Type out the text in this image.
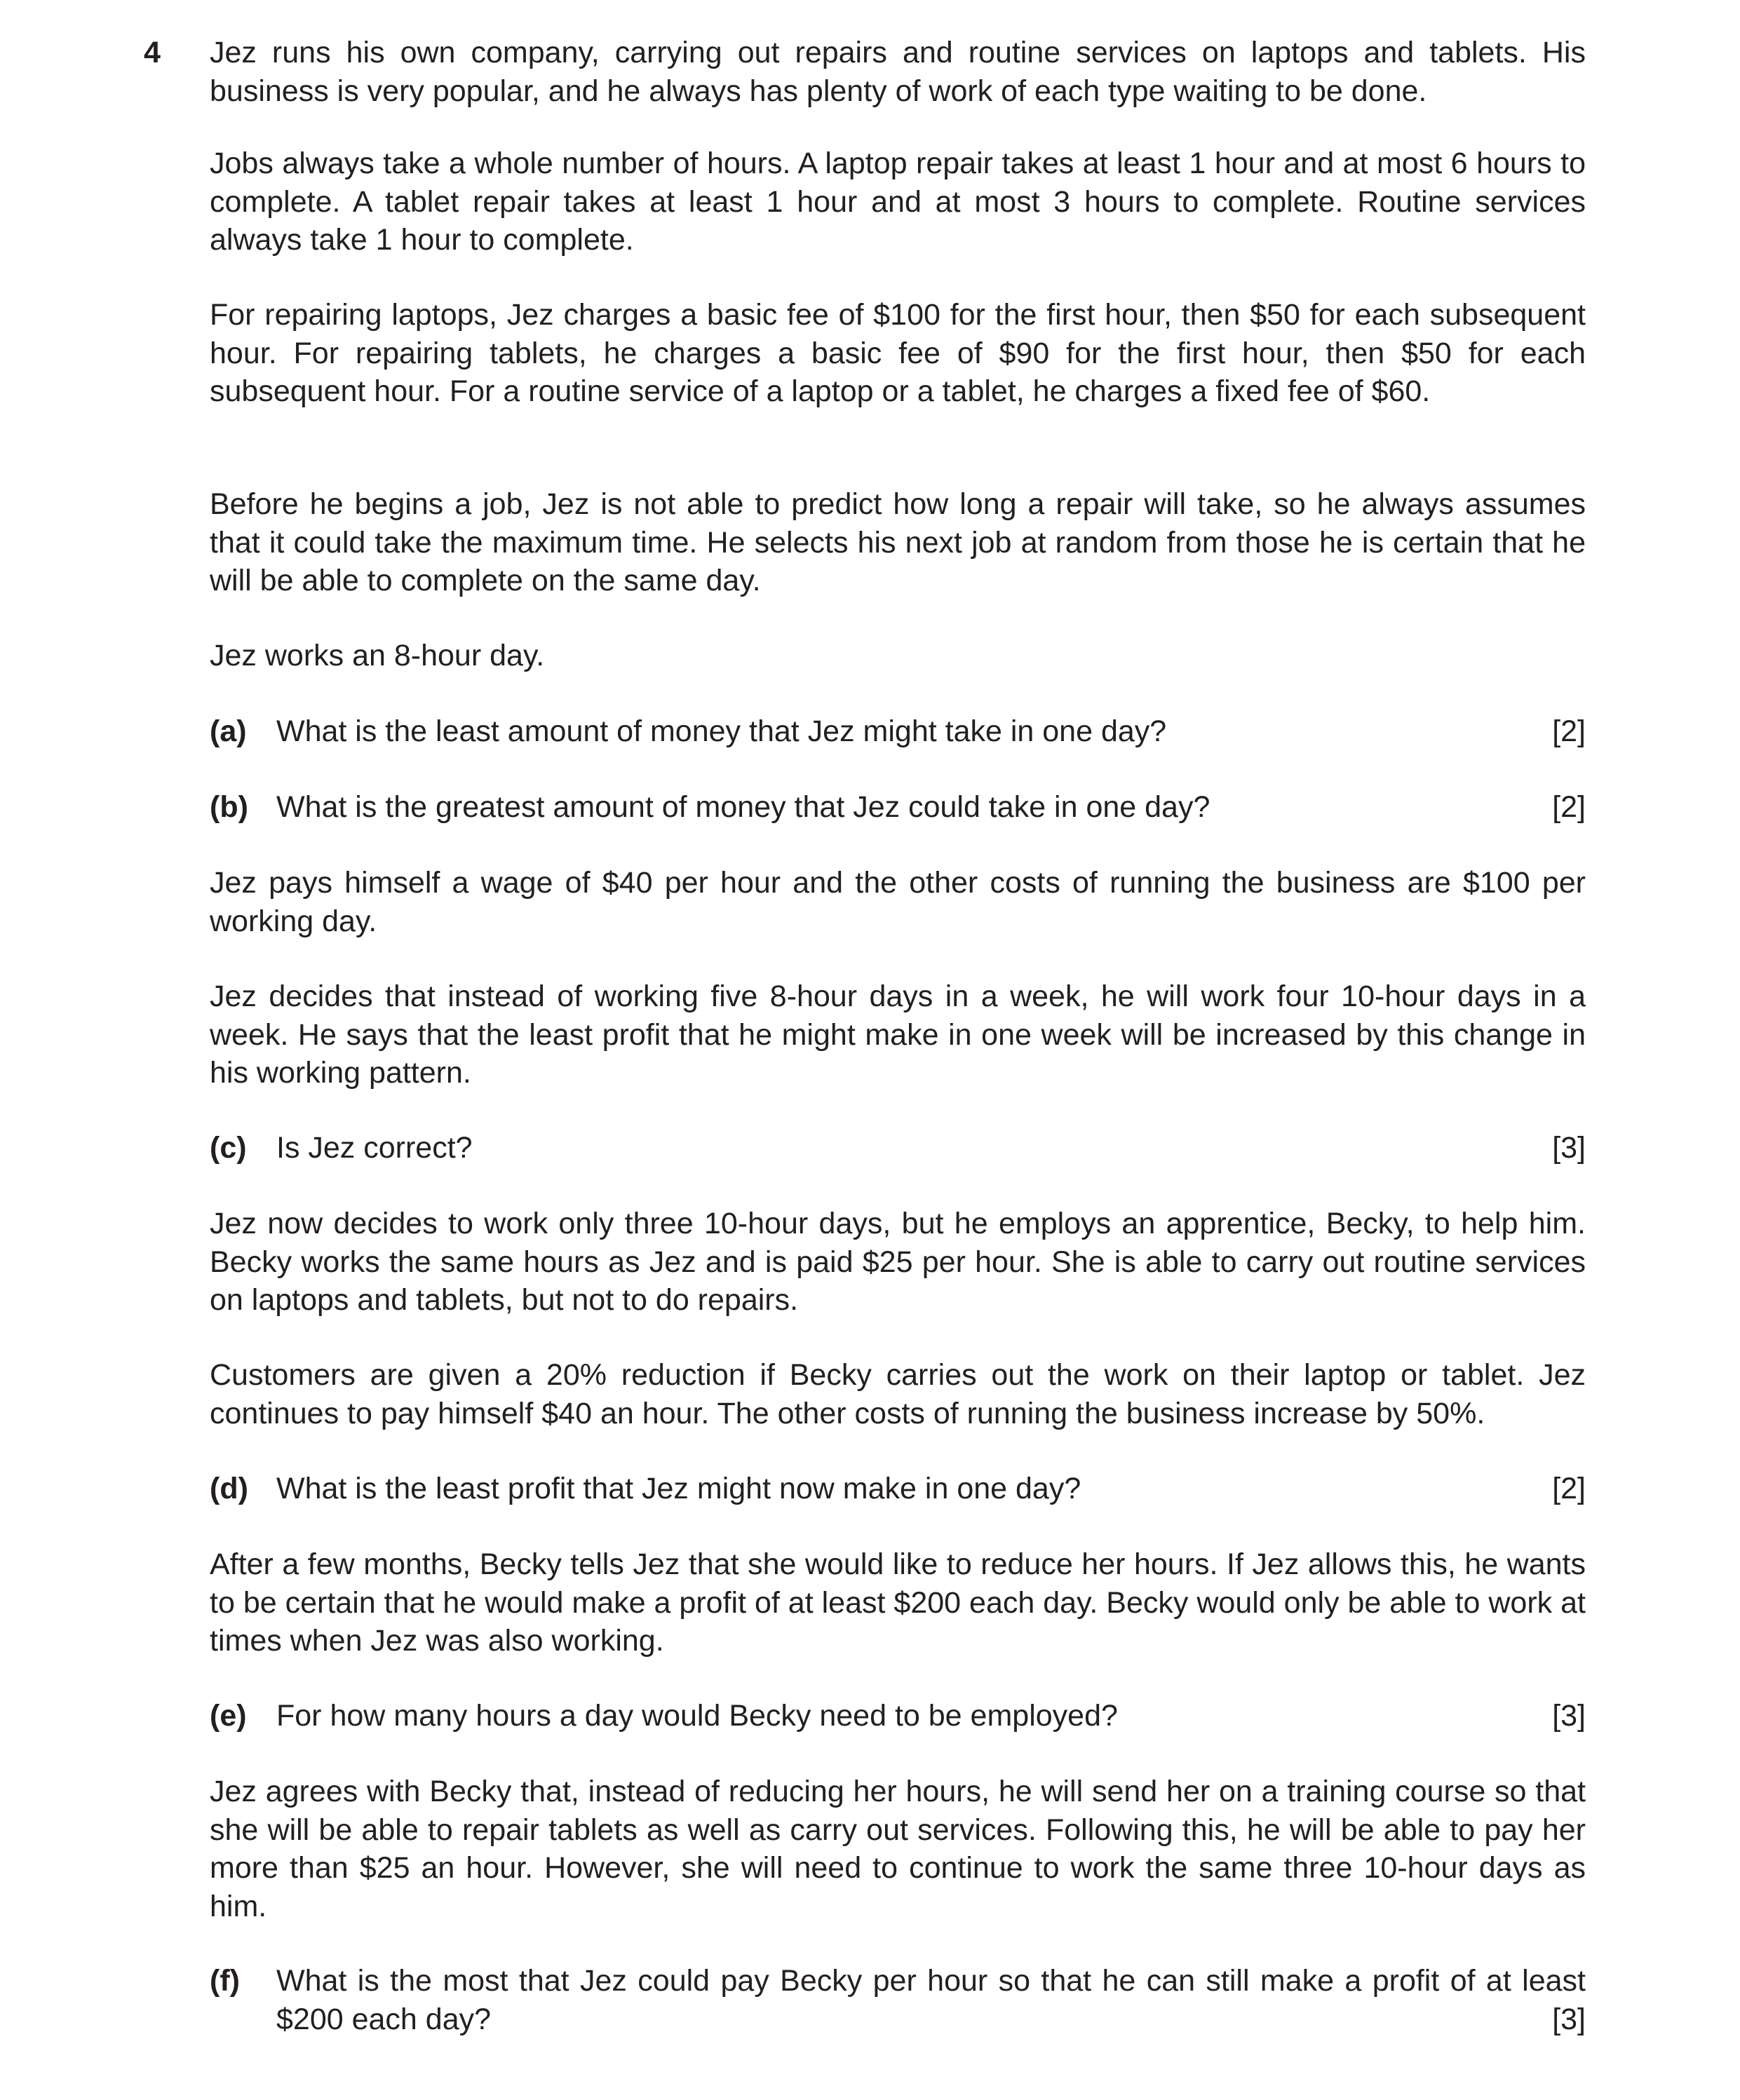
4 Jez runs his own company, carrying out repairs and routine services on laptops and tablets. His business is very popular, and he always has plenty of work of each type waiting to be done.

Jobs always take a whole number of hours. A laptop repair takes at least 1 hour and at most 6 hours to complete. A tablet repair takes at least 1 hour and at most 3 hours to complete. Routine services always take 1 hour to complete.

For repairing laptops, Jez charges a basic fee of $100 for the first hour, then $50 for each subsequent hour. For repairing tablets, he charges a basic fee of $90 for the first hour, then $50 for each subsequent hour. For a routine service of a laptop or a tablet, he charges a fixed fee of $60.

Before he begins a job, Jez is not able to predict how long a repair will take, so he always assumes that it could take the maximum time. He selects his next job at random from those he is certain that he will be able to complete on the same day.

Jez works an 8-hour day.

(a) What is the least amount of money that Jez might take in one day?	[2]
(b) What is the greatest amount of money that Jez could take in one day?	[2]

Jez pays himself a wage of $40 per hour and the other costs of running the business are $100 per working day.

Jez decides that instead of working five 8-hour days in a week, he will work four 10-hour days in a week. He says that the least profit that he might make in one week will be increased by this change in his working pattern.

(c) Is Jez correct?	[3]

Jez now decides to work only three 10-hour days, but he employs an apprentice, Becky, to help him. Becky works the same hours as Jez and is paid $25 per hour. She is able to carry out routine services on laptops and tablets, but not to do repairs.

Customers are given a 20% reduction if Becky carries out the work on their laptop or tablet. Jez continues to pay himself $40 an hour. The other costs of running the business increase by 50%.

(d) What is the least profit that Jez might now make in one day?	[2]

After a few months, Becky tells Jez that she would like to reduce her hours. If Jez allows this, he wants to be certain that he would make a profit of at least $200 each day. Becky would only be able to work at times when Jez was also working.

(e) For how many hours a day would Becky need to be employed?	[3]

Jez agrees with Becky that, instead of reducing her hours, he will send her on a training course so that she will be able to repair tablets as well as carry out services. Following this, he will be able to pay her more than $25 an hour. However, she will need to continue to work the same three 10-hour days as him.

(f) What is the most that Jez could pay Becky per hour so that he can still make a profit of at least $200 each day?	[3]
